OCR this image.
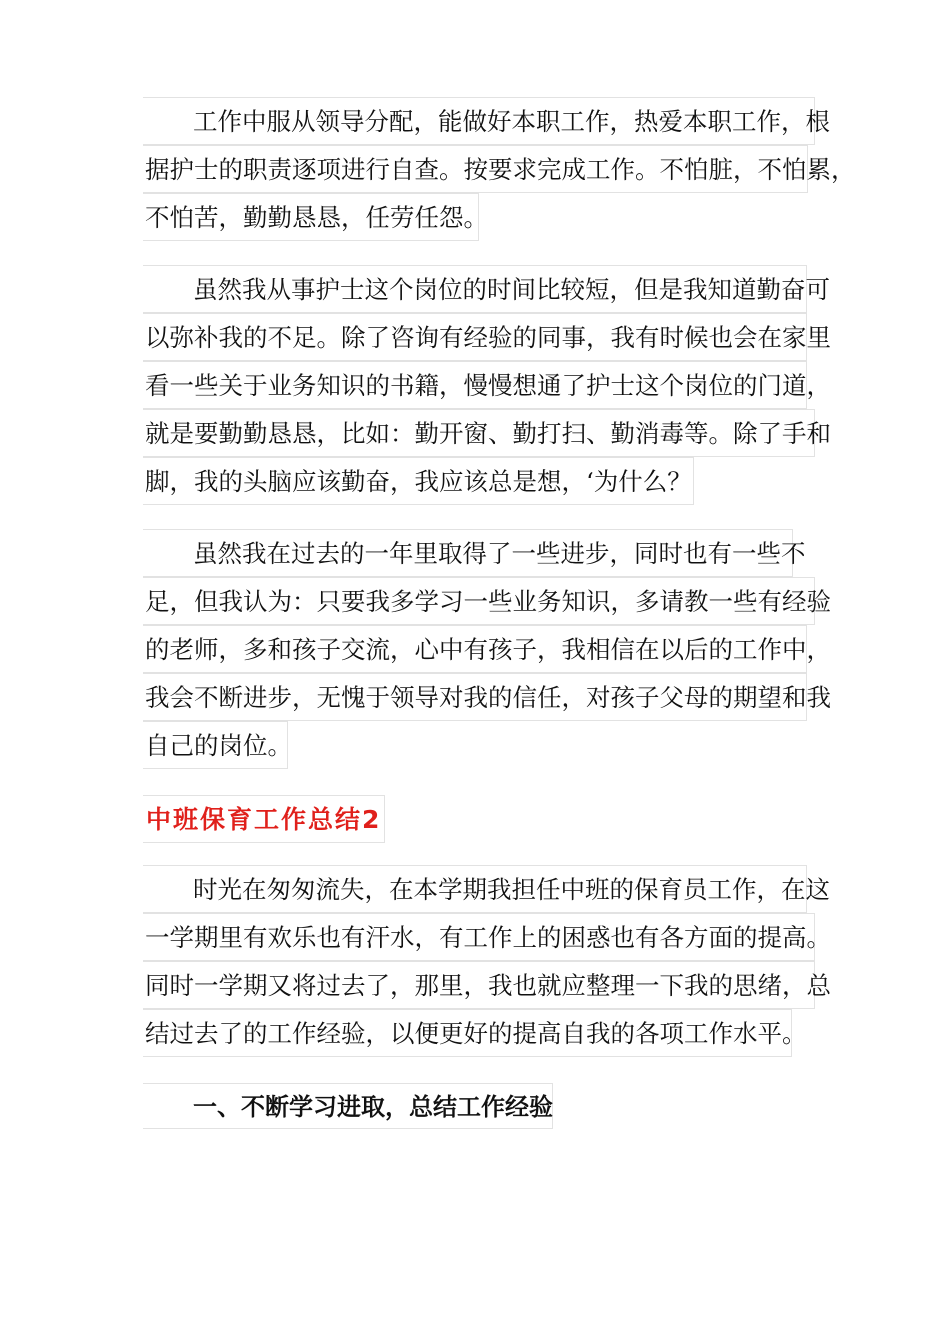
工作中服从领导分配，能做好本职工作，热爱本职工作，根
据护士的职责逐项进行自查。按要求完成工作。不怕脏，不怕累，
不怕苦，勤勤恳恳，任劳任怨。
虽然我从事护士这个岗位的时间比较短，但是我知道勤奋可
以弥补我的不足。除了咨询有经验的同事，我有时候也会在家里
看一些关于业务知识的书籍，慢慢想通了护士这个岗位的门道，
就是要勤勤恳恳，比如：勤开窗、勤打扫、勤消毒等。除了手和
脚，我的头脑应该勤奋，我应该总是想，‘为什么？
虽然我在过去的一年里取得了一些进步，同时也有一些不
足，但我认为：只要我多学习一些业务知识，多请教一些有经验
的老师，多和孩子交流，心中有孩子，我相信在以后的工作中，
我会不断进步，无愧于领导对我的信任，对孩子父母的期望和我
自己的岗位。
中班保育工作总结2
时光在匆匆流失，在本学期我担任中班的保育员工作，在这
一学期里有欢乐也有汗水，有工作上的困惑也有各方面的提高。
同时一学期又将过去了，那里，我也就应整理一下我的思绪，总
结过去了的工作经验，以便更好的提高自我的各项工作水平。
一、不断学习进取，总结工作经验
